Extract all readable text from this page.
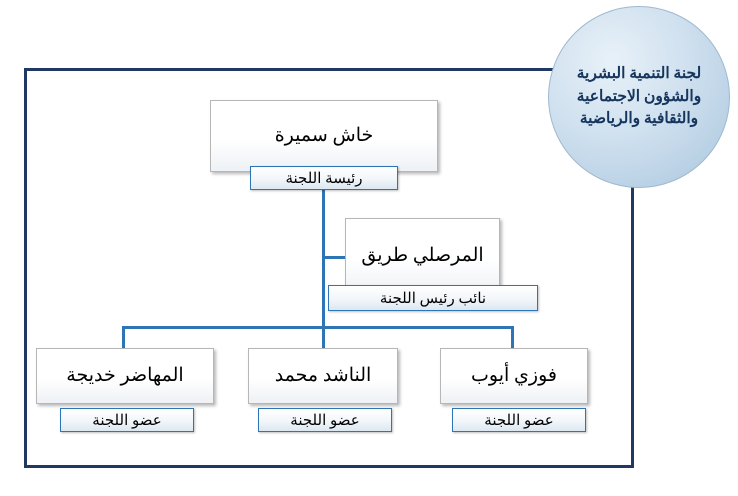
لجنة التنمية البشرية والشؤون الاجتماعية والثقافية والرياضية
خاش سميرة
رئيسة اللجنة
المرصلي طريق
نائب رئيس اللجنة
المهاضر خديجة
عضو اللجنة
الناشد محمد
عضو اللجنة
فوزي أيوب
عضو اللجنة
